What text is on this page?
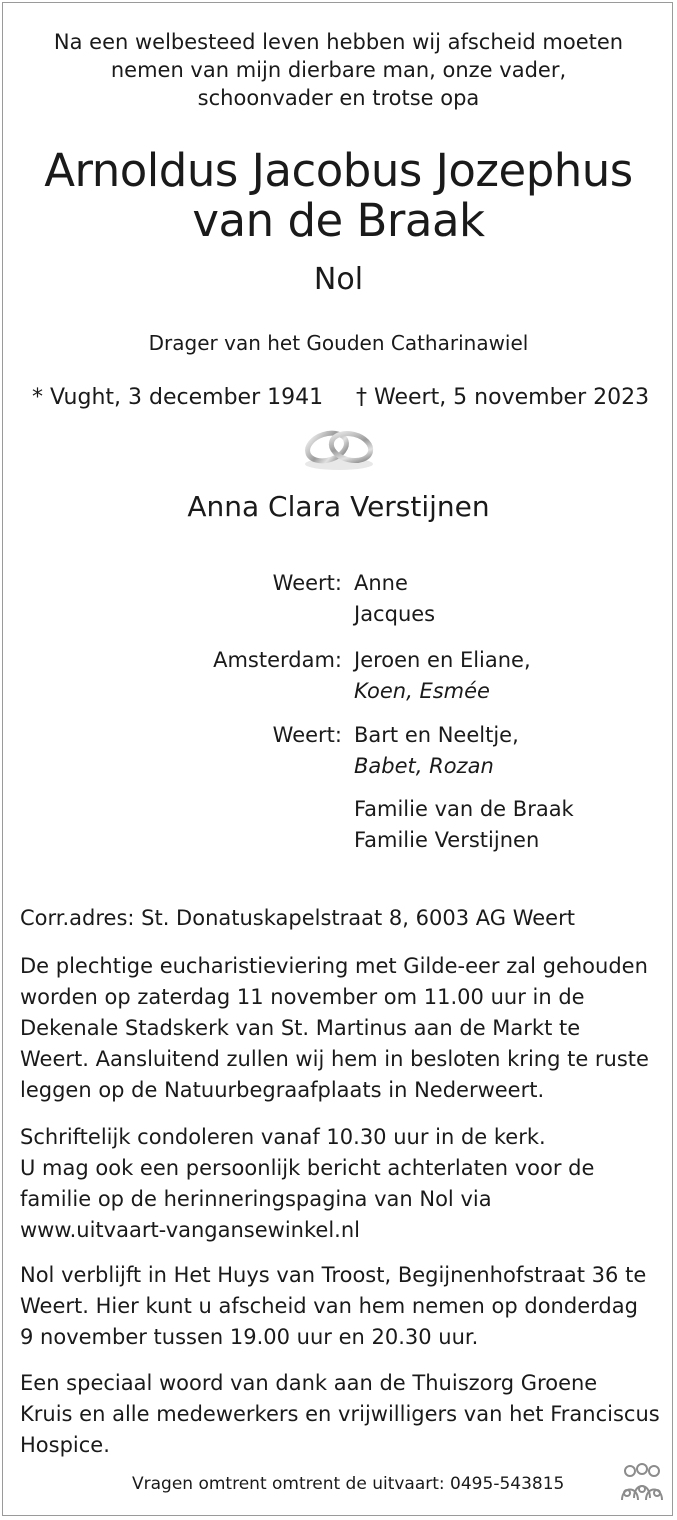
Na een welbesteed leven hebben wij afscheid moeten
nemen van mijn dierbare man, onze vader,
schoonvader en trotse opa
Arnoldus Jacobus Jozephus
van de Braak
Nol
Drager van het Gouden Catharinawiel
* Vught, 3 december 1941 † Weert, 5 november 2023
Anna Clara Verstijnen
Weert: Anne
Jacques
Amsterdam: Jeroen en Eliane,
Koen, Esmée
Weert: Bart en Neeltje,
Babet, Rozan
Familie van de Braak
Familie Verstijnen
Corr.adres: St. Donatuskapelstraat 8, 6003 AG Weert
De plechtige eucharistieviering met Gilde-eer zal gehouden
worden op zaterdag 11 november om 11.00 uur in de
Dekenale Stadskerk van St. Martinus aan de Markt te
Weert. Aansluitend zullen wij hem in besloten kring te ruste
leggen op de Natuurbegraafplaats in Nederweert.
Schriftelijk condoleren vanaf 10.30 uur in de kerk.
U mag ook een persoonlijk bericht achterlaten voor de
familie op de herinneringspagina van Nol via
www.uitvaart-vangansewinkel.nl
Nol verblijft in Het Huys van Troost, Begijnenhofstraat 36 te
Weert. Hier kunt u afscheid van hem nemen op donderdag
9 november tussen 19.00 uur en 20.30 uur.
Een speciaal woord van dank aan de Thuiszorg Groene
Kruis en alle medewerkers en vrijwilligers van het Franciscus
Hospice.
Vragen omtrent omtrent de uitvaart: 0495-543815
